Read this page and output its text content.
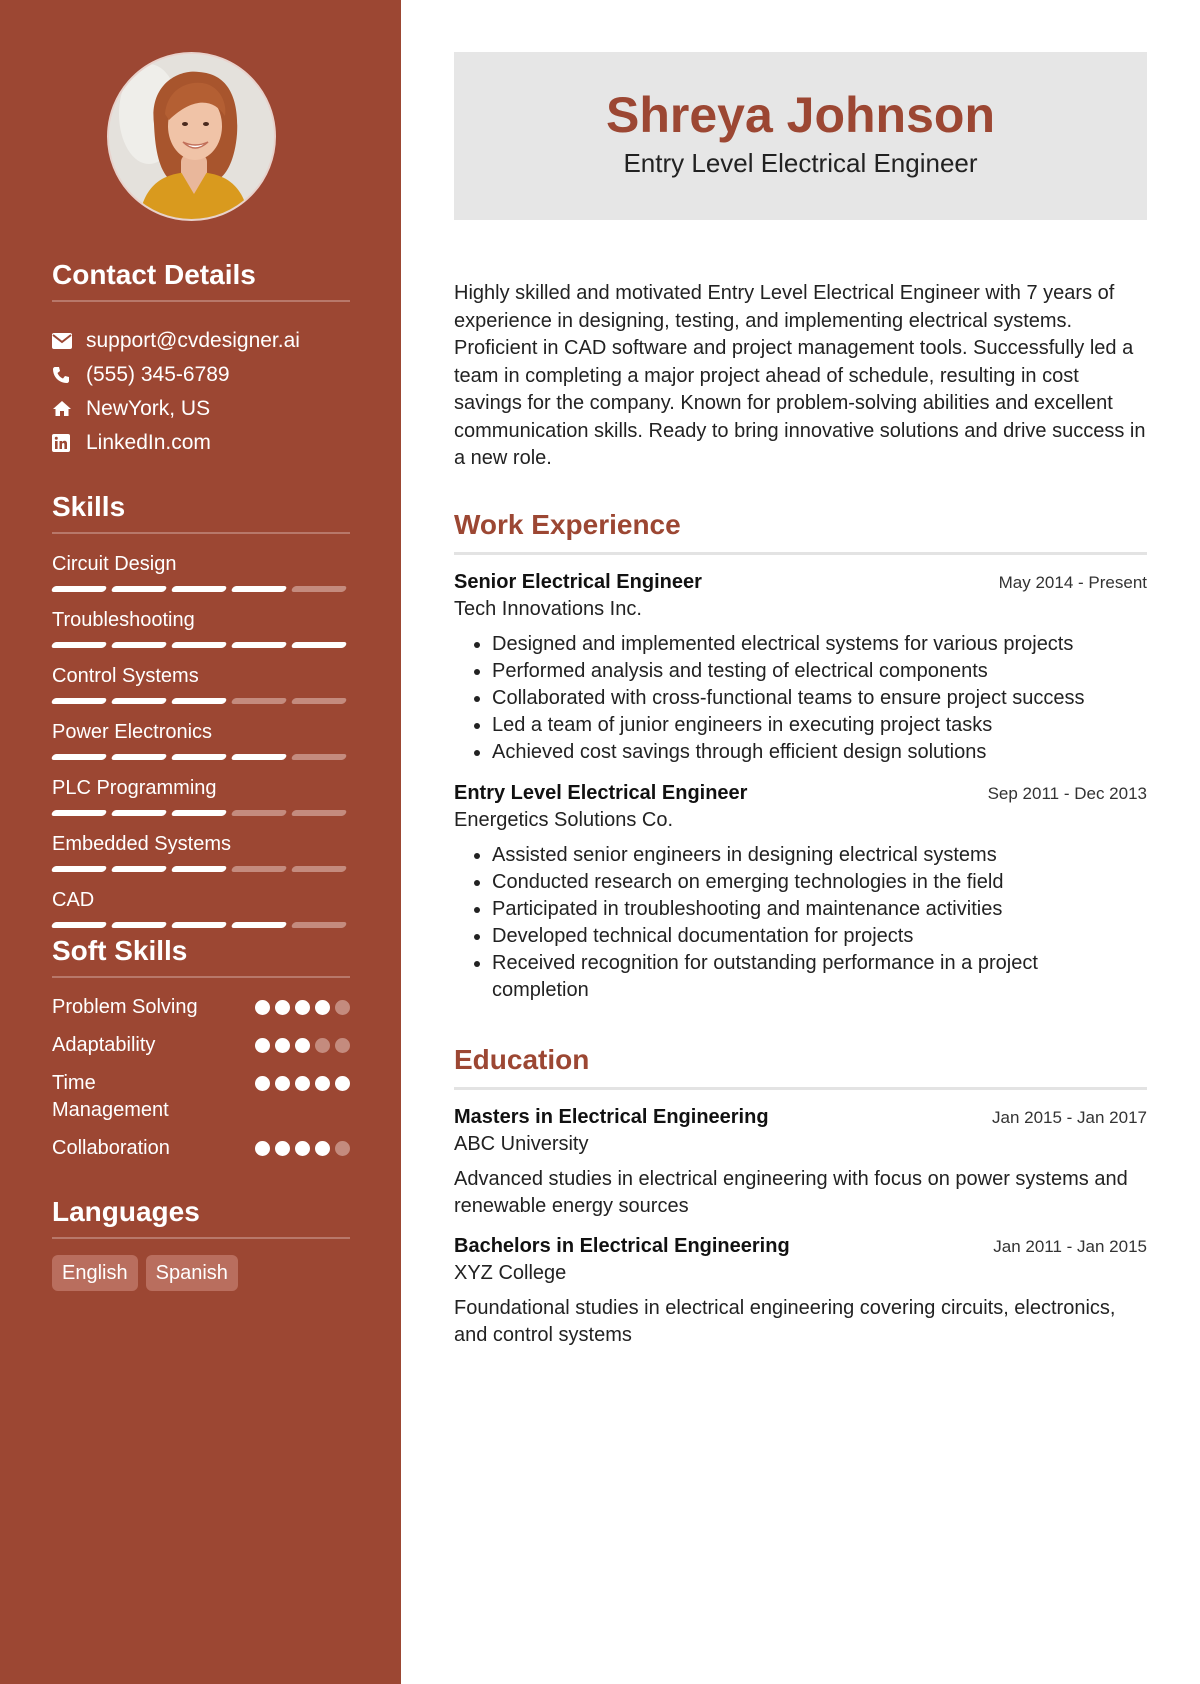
Contact Details
support@cvdesigner.ai
(555) 345-6789
NewYork, US
LinkedIn.com
Skills
Circuit Design
Troubleshooting
Control Systems
Power Electronics
PLC Programming
Embedded Systems
CAD
Soft Skills
Problem Solving
Adaptability
Time Management
Collaboration
Languages
English	Spanish
Shreya Johnson
Entry Level Electrical Engineer

Highly skilled and motivated Entry Level Electrical Engineer with 7 years of experience in designing, testing, and implementing electrical systems. Proficient in CAD software and project management tools. Successfully led a team in completing a major project ahead of schedule, resulting in cost savings for the company. Known for problem-solving abilities and excellent communication skills. Ready to bring innovative solutions and drive success in a new role.

Work Experience
Senior Electrical Engineer	May 2014 - Present
Tech Innovations Inc.
• Designed and implemented electrical systems for various projects
• Performed analysis and testing of electrical components
• Collaborated with cross-functional teams to ensure project success
• Led a team of junior engineers in executing project tasks
• Achieved cost savings through efficient design solutions
Entry Level Electrical Engineer	Sep 2011 - Dec 2013
Energetics Solutions Co.
• Assisted senior engineers in designing electrical systems
• Conducted research on emerging technologies in the field
• Participated in troubleshooting and maintenance activities
• Developed technical documentation for projects
• Received recognition for outstanding performance in a project completion
Education
Masters in Electrical Engineering	Jan 2015 - Jan 2017
ABC University

Advanced studies in electrical engineering with focus on power systems and renewable energy sources

Bachelors in Electrical Engineering	Jan 2011 - Jan 2015
XYZ College

Foundational studies in electrical engineering covering circuits, electronics, and control systems
